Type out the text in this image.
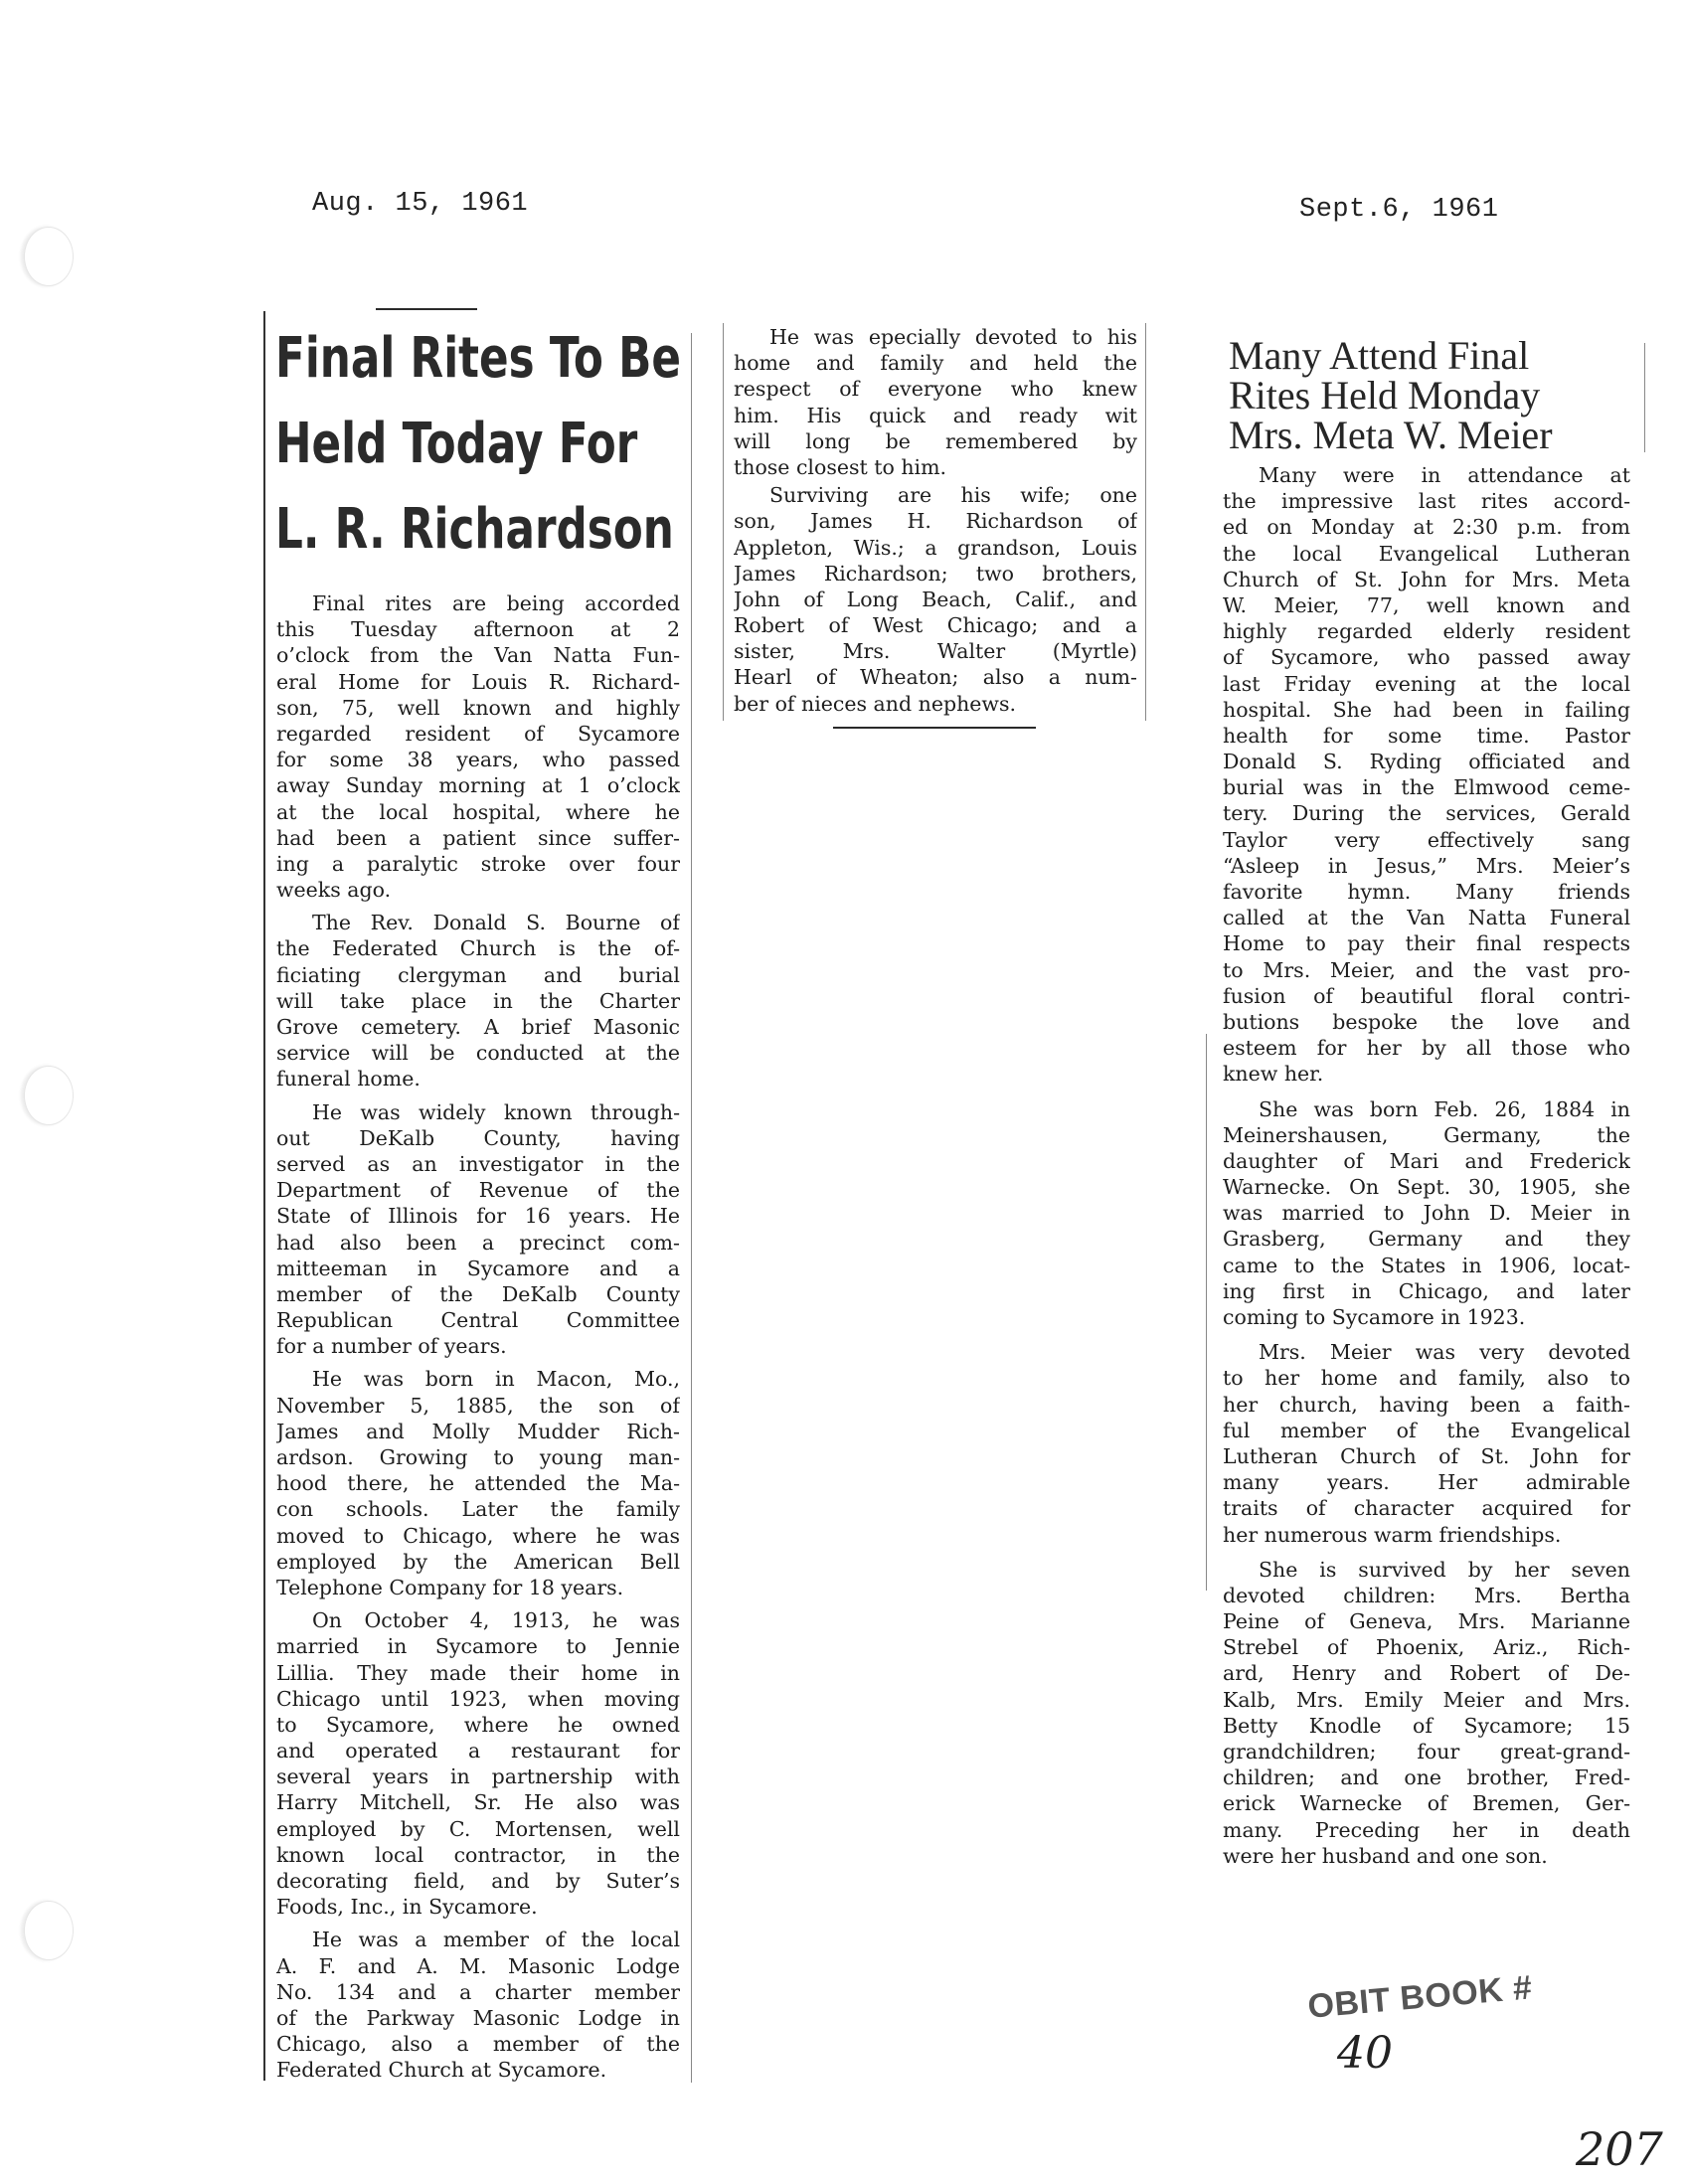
Aug. 15, 1961	Sept.6, 1961
Final Rites To Be
Held Today For
L. R. Richardson
Final rites are being accorded
this Tuesday afternoon at 2
o’clock from the Van Natta Fun-
eral Home for Louis R. Richard-
son, 75, well known and highly
regarded resident of Sycamore
for some 38 years, who passed
away Sunday morning at 1 o’clock
at the local hospital, where he
had been a patient since suffer-
ing a paralytic stroke over four
weeks ago.
The Rev. Donald S. Bourne of
the Federated Church is the of-
ficiating clergyman and burial
will take place in the Charter
Grove cemetery. A brief Masonic
service will be conducted at the
funeral home.
He was widely known through-
out DeKalb County, having
served as an investigator in the
Department of Revenue of the
State of Illinois for 16 years. He
had also been a precinct com-
mitteeman in Sycamore and a
member of the DeKalb County
Republican Central Committee
for a number of years.
He was born in Macon, Mo.,
November 5, 1885, the son of
James and Molly Mudder Rich-
ardson. Growing to young man-
hood there, he attended the Ma-
con schools. Later the family
moved to Chicago, where he was
employed by the American Bell
Telephone Company for 18 years.
On October 4, 1913, he was
married in Sycamore to Jennie
Lillia. They made their home in
Chicago until 1923, when moving
to Sycamore, where he owned
and operated a restaurant for
several years in partnership with
Harry Mitchell, Sr. He also was
employed by C. Mortensen, well
known local contractor, in the
decorating field, and by Suter’s
Foods, Inc., in Sycamore.
He was a member of the local
A. F. and A. M. Masonic Lodge
No. 134 and a charter member
of the Parkway Masonic Lodge in
Chicago, also a member of the
Federated Church at Sycamore.
He was epecially devoted to his
home and family and held the
respect of everyone who knew
him. His quick and ready wit
will long be remembered by
those closest to him.
Surviving are his wife; one
son, James H. Richardson of
Appleton, Wis.; a grandson, Louis
James Richardson; two brothers,
John of Long Beach, Calif., and
Robert of West Chicago; and a
sister, Mrs. Walter (Myrtle)
Hearl of Wheaton; also a num-
ber of nieces and nephews.
Many Attend Final
Rites Held Monday
Mrs. Meta W. Meier
Many were in attendance at
the impressive last rites accord-
ed on Monday at 2:30 p.m. from
the local Evangelical Lutheran
Church of St. John for Mrs. Meta
W. Meier, 77, well known and
highly regarded elderly resident
of Sycamore, who passed away
last Friday evening at the local
hospital. She had been in failing
health for some time. Pastor
Donald S. Ryding officiated and
burial was in the Elmwood ceme-
tery. During the services, Gerald
Taylor very effectively sang
“Asleep in Jesus,” Mrs. Meier’s
favorite hymn. Many friends
called at the Van Natta Funeral
Home to pay their final respects
to Mrs. Meier, and the vast pro-
fusion of beautiful floral contri-
butions bespoke the love and
esteem for her by all those who
knew her.
She was born Feb. 26, 1884 in
Meinershausen, Germany, the
daughter of Mari and Frederick
Warnecke. On Sept. 30, 1905, she
was married to John D. Meier in
Grasberg, Germany and they
came to the States in 1906, locat-
ing first in Chicago, and later
coming to Sycamore in 1923.
Mrs. Meier was very devoted
to her home and family, also to
her church, having been a faith-
ful member of the Evangelical
Lutheran Church of St. John for
many years. Her admirable
traits of character acquired for
her numerous warm friendships.
She is survived by her seven
devoted children: Mrs. Bertha
Peine of Geneva, Mrs. Marianne
Strebel of Phoenix, Ariz., Rich-
ard, Henry and Robert of De-
Kalb, Mrs. Emily Meier and Mrs.
Betty Knodle of Sycamore; 15
grandchildren; four great-grand-
children; and one brother, Fred-
erick Warnecke of Bremen, Ger-
many. Preceding her in death
were her husband and one son.
OBIT BOOK #
40
207
